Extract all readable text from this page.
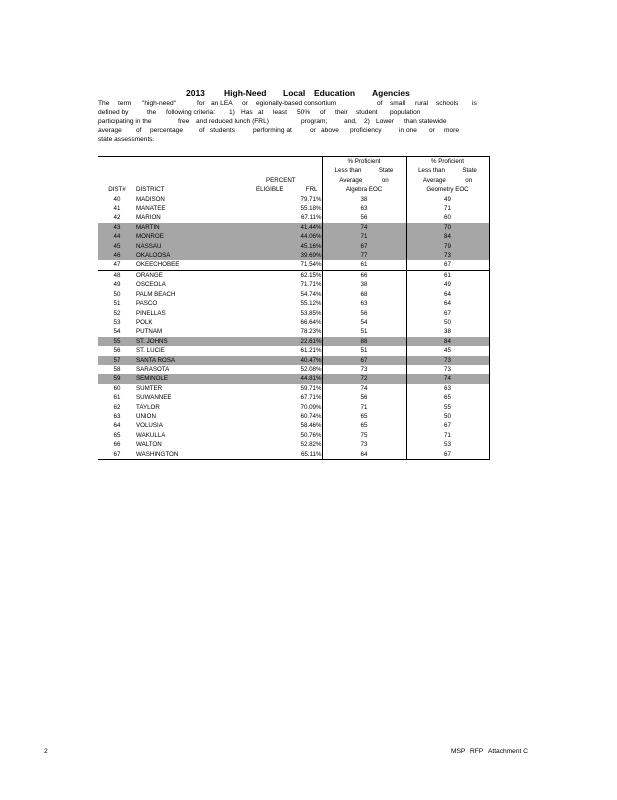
2013 High-Need Local Education Agencies
The term "high-need"	for an LEA or egionally-based consortium	of small rural schools is
defined by	the following criteria: 1) Has at least 50% of their student population
participating in the	free and reduced lunch (FRL)	program;	and, 2) Lower than statewide
average of percentage of students	performing at	or above proficiency	in one or more
state assessments.
			% Proficient	% Proficient
			Less than State	Less than State
		PERCENT	Average on	Average on
DIST#	DISTRICT	ELIGIBLE FRL	Algebra EOC	Geometry EOC
40	MADISON	79.71%	38	49
41	MANATEE	55.18%	63	71
42	MARION	67.11%	56	60
43	MARTIN	41.44%	74	70
44	MONROE	44.06%	71	84
45	NASSAU	45.16%	67	79
46	OKALOOSA	39.69%	77	73
47	OKEECHOBEE	71.54%	61	67
48	ORANGE	62.15%	66	61
49	OSCEOLA	71.71%	38	49
50	PALM BEACH	54.74%	68	64
51	PASCO	55.12%	63	64
52	PINELLAS	53.85%	56	67
53	POLK	66.64%	54	50
54	PUTNAM	78.23%	51	38
55	ST. JOHNS	22.61%	88	84
56	ST. LUCIE	61.21%	51	45
57	SANTA ROSA	40.47%	67	73
58	SARASOTA	52.08%	73	73
59	SEMINOLE	44.81%	72	74
60	SUMTER	59.71%	74	63
61	SUWANNEE	67.71%	56	65
62	TAYLOR	70.09%	71	55
63	UNION	60.74%	65	50
64	VOLUSIA	58.46%	65	67
65	WAKULLA	50.76%	75	71
66	WALTON	52.82%	73	53
67	WASHINGTON	65.11%	64	67
2	MSP RFP Attachment C
